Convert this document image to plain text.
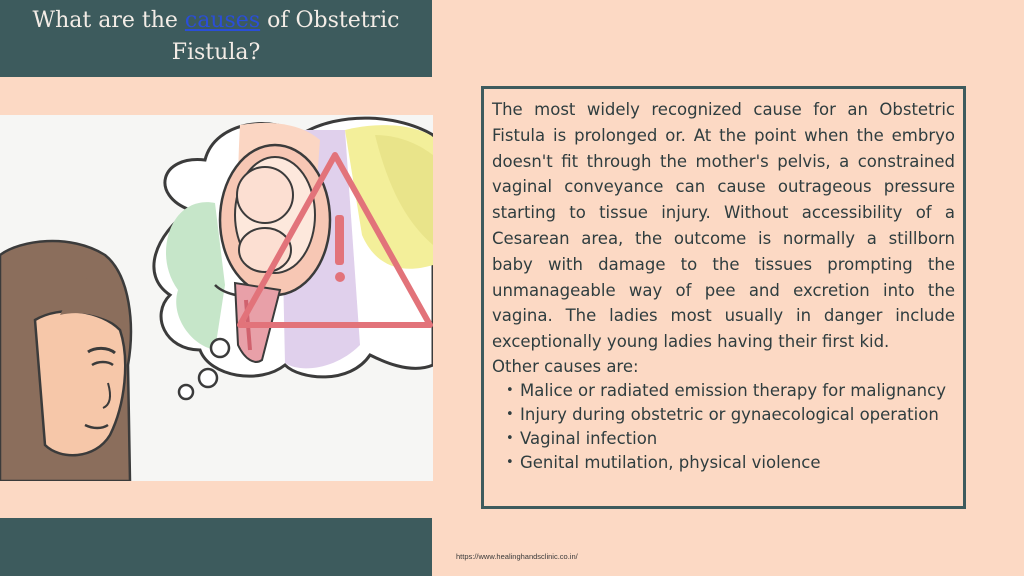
What are the causes of Obstetric Fistula?

The most widely recognized cause for an Obstetric Fistula is prolonged or. At the point when the embryo doesn't fit through the mother's pelvis, a constrained vaginal conveyance can cause outrageous pressure starting to tissue injury. Without accessibility of a Cesarean area, the outcome is normally a stillborn baby with damage to the tissues prompting the unmanageable way of pee and excretion into the vagina. The ladies most usually in danger include exceptionally young ladies having their first kid.

Other causes are:

• Malice or radiated emission therapy for malignancy
• Injury during obstetric or gynaecological operation
• Vaginal infection
• Genital mutilation, physical violence
https://www.healinghandsclinic.co.in/
